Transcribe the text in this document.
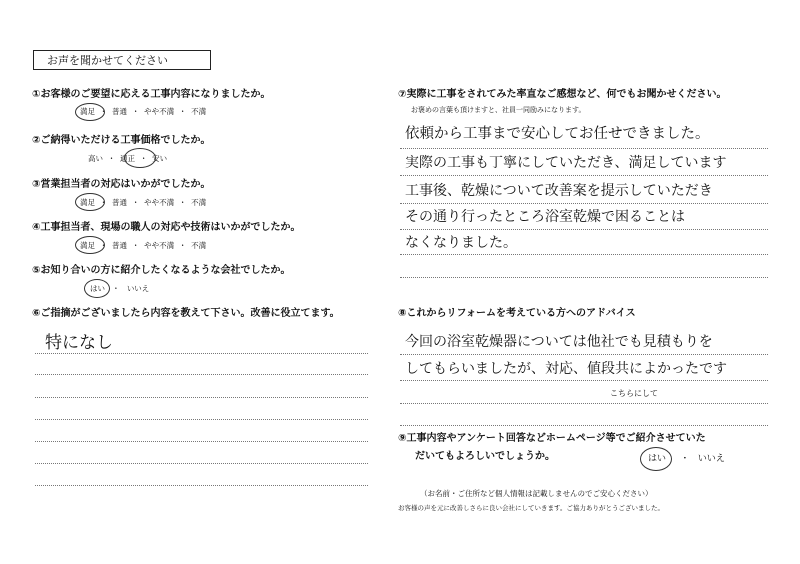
お声を聞かせてください
①お客様のご要望に応える工事内容になりましたか。
満足  ・  普通  ・  やや不満  ・  不満
②ご納得いただける工事価格でしたか。
高い  ・  適正  ・  安い
③営業担当者の対応はいかがでしたか。
満足  ・  普通  ・  やや不満  ・  不満
④工事担当者、現場の職人の対応や技術はいかがでしたか。
満足  ・  普通  ・  やや不満  ・  不満
⑤お知り合いの方に紹介したくなるような会社でしたか。
はい   ・   いいえ
⑥ご指摘がございましたら内容を教えて下さい。改善に役立てます。
特になし
⑦実際に工事をされてみた率直なご感想など、何でもお聞かせください。
お褒めの言葉も頂けますと、社員一同励みになります。
依頼から工事まで安心してお任せできました。
実際の工事も丁寧にしていただき、満足しています
工事後、乾燥について改善案を提示していただき
その通り行ったところ浴室乾燥で困ることは
なくなりました。
⑧これからリフォームを考えている方へのアドバイス
今回の浴室乾燥器については他社でも見積もりを
してもらいましたが、対応、値段共によかったです
こちらにして
⑨工事内容やアンケート回答などホームページ等でご紹介させていた
だいてもよろしいでしょうか。	はい     ・   いいえ
（お名前・ご住所など個人情報は記載しませんのでご安心ください）
お客様の声を元に改善しさらに良い会社にしていきます。ご協力ありがとうございました。
